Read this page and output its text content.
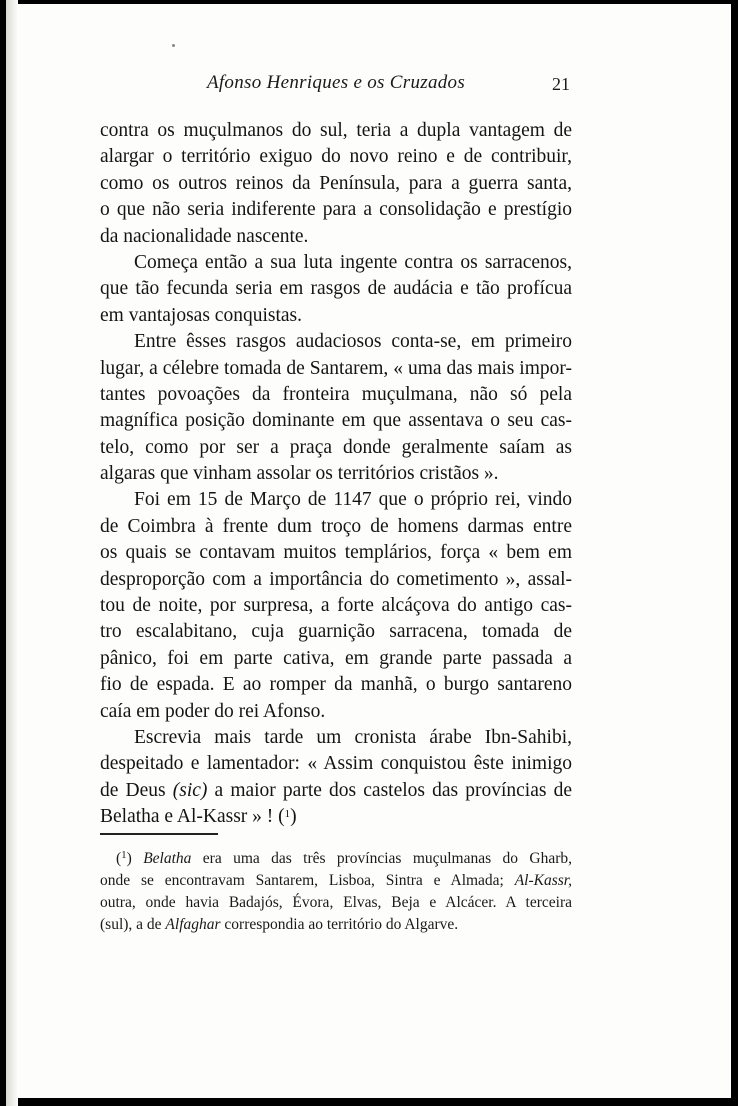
Afonso Henriques e os Cruzados	21
contra os muçulmanos do sul, teria a dupla vantagem de
alargar o território exiguo do novo reino e de contribuir,
como os outros reinos da Península, para a guerra santa,
o que não seria indiferente para a consolidação e prestígio
da nacionalidade nascente.
Começa então a sua luta ingente contra os sarracenos,
que tão fecunda seria em rasgos de audácia e tão profícua
em vantajosas conquistas.
Entre êsses rasgos audaciosos conta-se, em primeiro
lugar, a célebre tomada de Santarem, « uma das mais impor-
tantes povoações da fronteira muçulmana, não só pela
magnífica posição dominante em que assentava o seu cas-
telo, como por ser a praça donde geralmente saíam as
algaras que vinham assolar os territórios cristãos ».
Foi em 15 de Março de 1147 que o próprio rei, vindo
de Coimbra à frente dum troço de homens darmas entre
os quais se contavam muitos templários, força « bem em
desproporção com a importância do cometimento », assal-
tou de noite, por surpresa, a forte alcáçova do antigo cas-
tro escalabitano, cuja guarnição sarracena, tomada de
pânico, foi em parte cativa, em grande parte passada a
fio de espada. E ao romper da manhã, o burgo santareno
caía em poder do rei Afonso.
Escrevia mais tarde um cronista árabe Ibn-Sahibi,
despeitado e lamentador: « Assim conquistou êste inimigo
de Deus (sic) a maior parte dos castelos das províncias de
Belatha e Al-Kassr » ! ($^1$)
($^1$) Belatha era uma das três províncias muçulmanas do Gharb,
onde se encontravam Santarem, Lisboa, Sintra e Almada; Al-Kassr,
outra, onde havia Badajós, Évora, Elvas, Beja e Alcácer. A terceira
(sul), a de Alfaghar correspondia ao território do Algarve.
